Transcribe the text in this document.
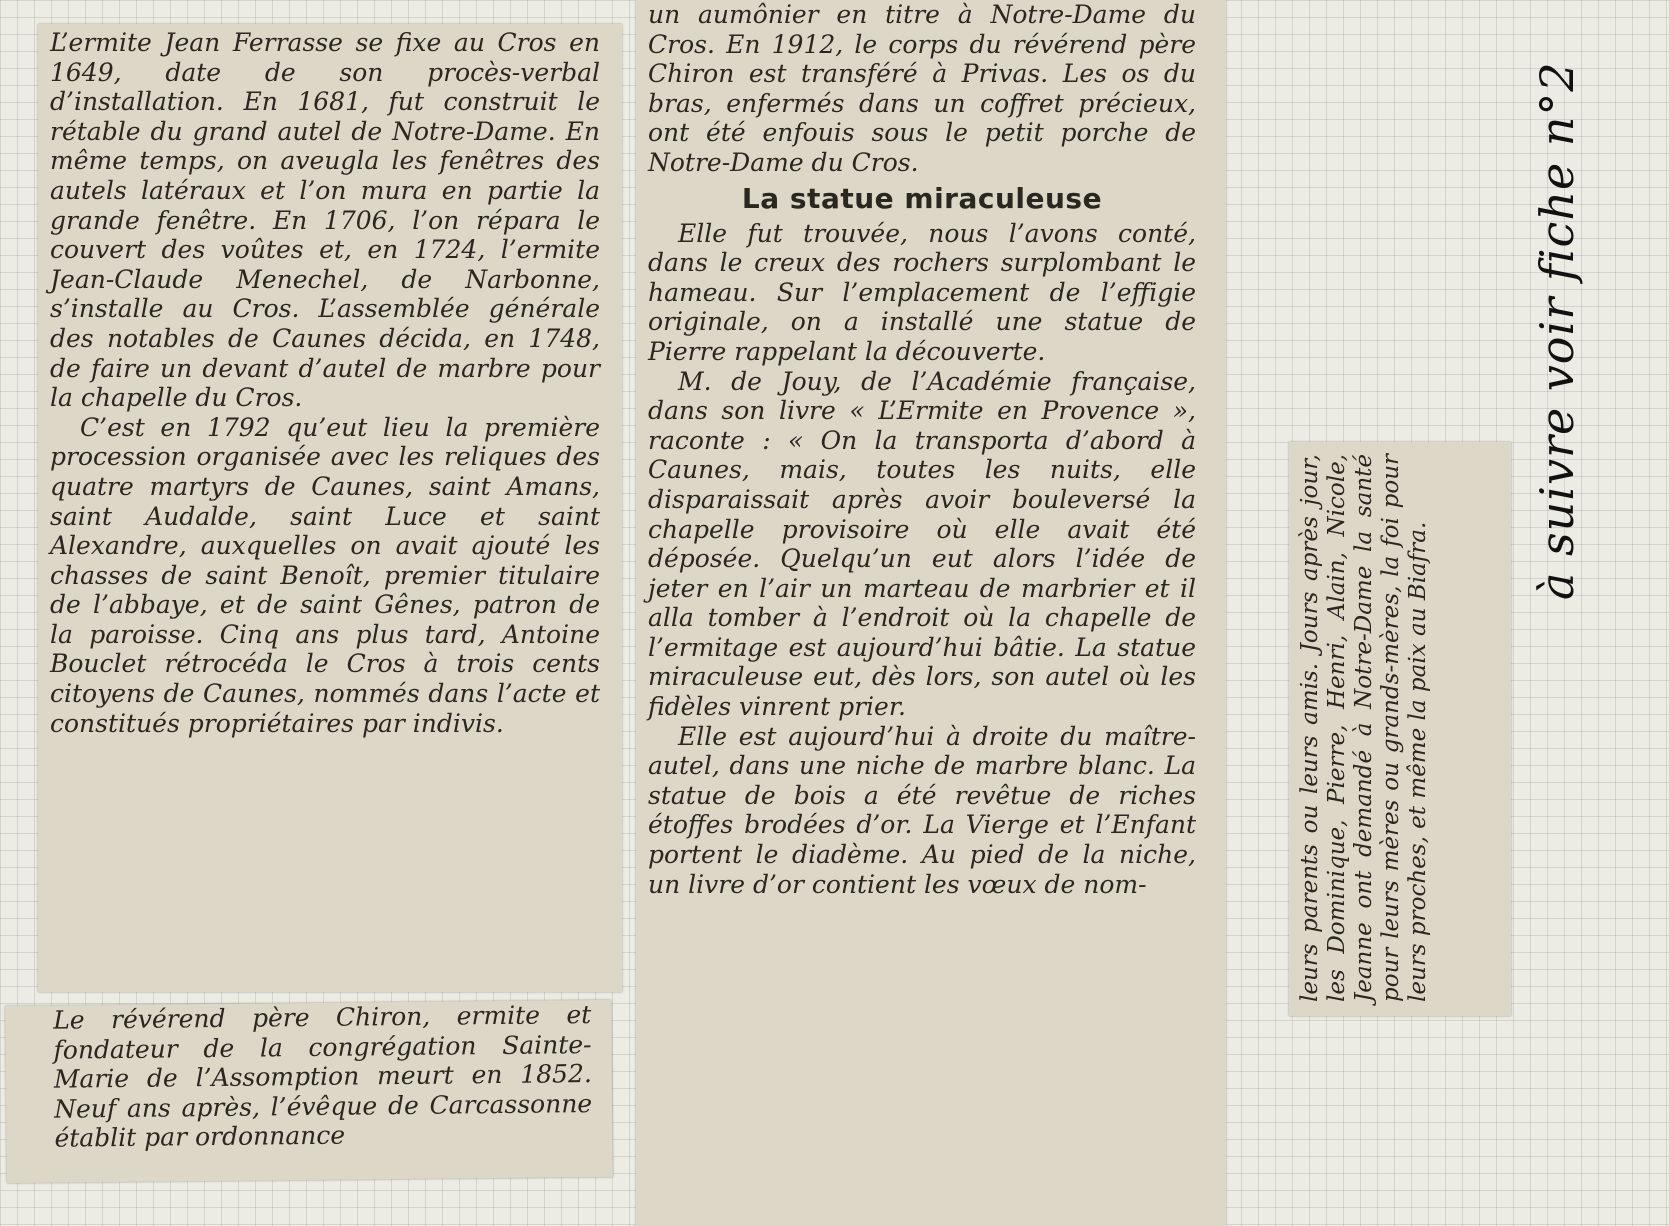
L’ermite Jean Ferrasse se fixe au Cros en 1649, date de son procès-verbal d’installation. En 1681, fut construit le rétable du grand autel de Notre-Dame. En même temps, on aveugla les fenêtres des autels latéraux et l’on mura en partie la grande fenêtre. En 1706, l’on répara le couvert des voûtes et, en 1724, l’ermite Jean-Claude Menechel, de Narbonne, s’installe au Cros. L’assemblée générale des notables de Caunes décida, en 1748, de faire un devant d’autel de marbre pour la chapelle du Cros.

C’est en 1792 qu’eut lieu la première procession organisée avec les reliques des quatre martyrs de Caunes, saint Amans, saint Audalde, saint Luce et saint Alexandre, auxquelles on avait ajouté les chasses de saint Benoît, premier titulaire de l’abbaye, et de saint Gênes, patron de la paroisse. Cinq ans plus tard, Antoine Bouclet rétrocéda le Cros à trois cents citoyens de Caunes, nommés dans l’acte et constitués propriétaires par indivis.

Le révérend père Chiron, ermite et fondateur de la congrégation Sainte-Marie de l’Assomption meurt en 1852. Neuf ans après, l’évêque de Carcassonne établit par ordonnance

un aumônier en titre à Notre-Dame du Cros. En 1912, le corps du révérend père Chiron est transféré à Privas. Les os du bras, enfermés dans un coffret précieux, ont été enfouis sous le petit porche de Notre-Dame du Cros.

La statue miraculeuse

Elle fut trouvée, nous l’avons conté, dans le creux des rochers surplombant le hameau. Sur l’emplacement de l’effigie originale, on a installé une statue de Pierre rappelant la découverte.

M. de Jouy, de l’Académie française, dans son livre « L’Ermite en Provence », raconte : « On la transporta d’abord à Caunes, mais, toutes les nuits, elle disparaissait après avoir bouleversé la chapelle provisoire où elle avait été déposée. Quelqu’un eut alors l’idée de jeter en l’air un marteau de marbrier et il alla tomber à l’endroit où la chapelle de l’ermitage est aujourd’hui bâtie. La statue miraculeuse eut, dès lors, son autel où les fidèles vinrent prier.

Elle est aujourd’hui à droite du maître-autel, dans une niche de marbre blanc. La statue de bois a été revêtue de riches étoffes brodées d’or. La Vierge et l’Enfant portent le diadème. Au pied de la niche, un livre d’or contient les vœux de nom-	leurs parents ou leurs amis. Jours après jour, les Dominique, Pierre, Henri, Alain, Nicole, Jeanne ont demandé à Notre-Dame la santé pour leurs mères ou grands-mères, la foi pour leurs proches, et même la paix au Biafra.

à suivre voir fiche n°2
